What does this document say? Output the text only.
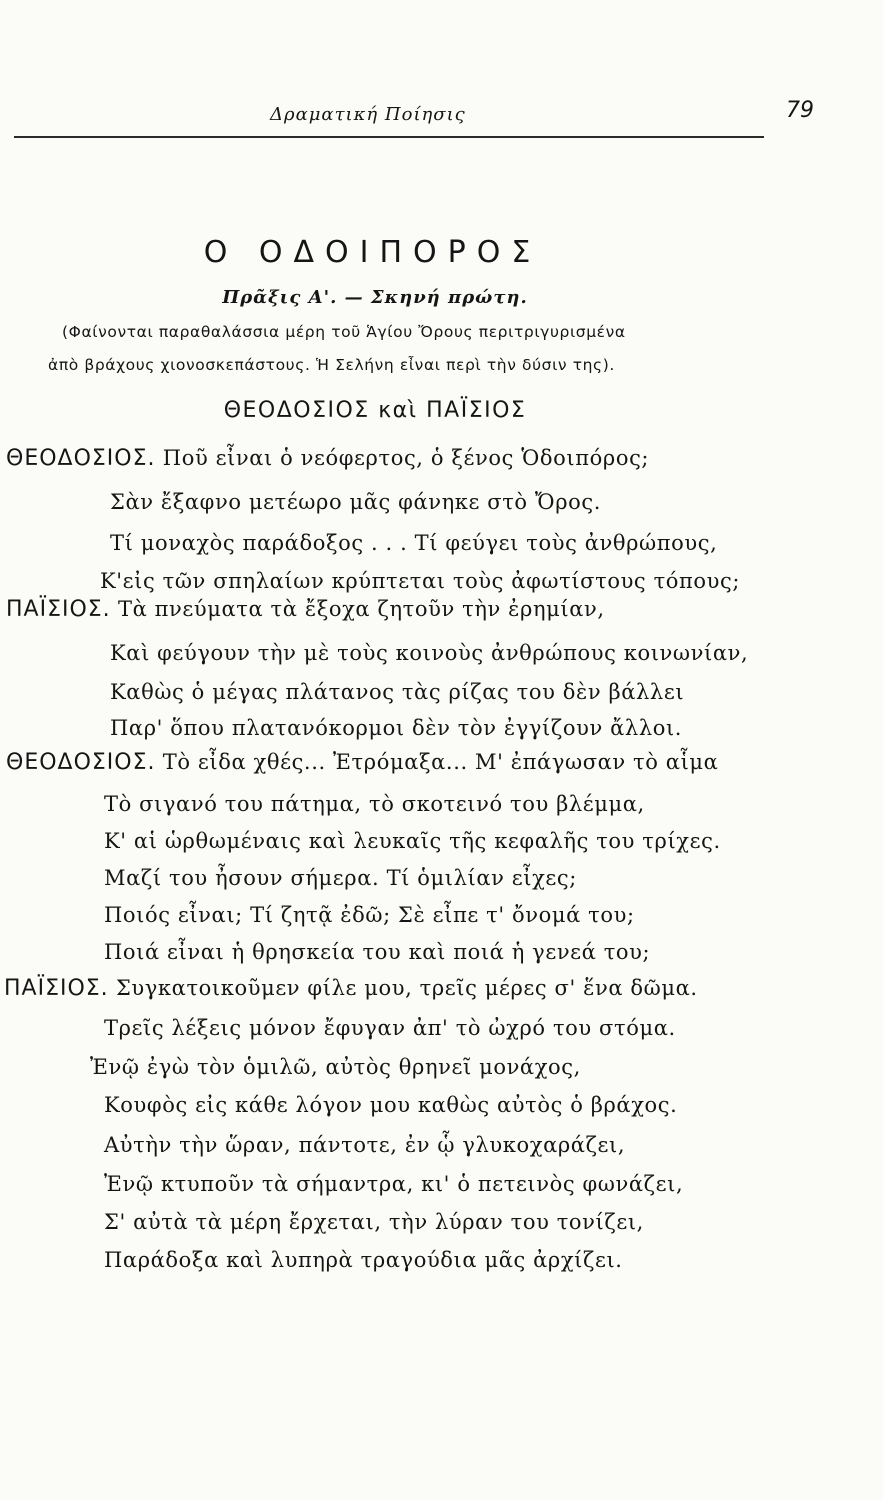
Δραματική Ποίησις	79
Ο ΟΔΟΙΠΟΡΟΣ
Πρᾶξις Α'. — Σκηνή πρώτη.
(Φαίνονται παραθαλάσσια μέρη τοῦ Ἁγίου Ὄρους περιτριγυρισμένα
ἀπὸ βράχους χιονοσκεπάστους. Ἡ Σελήνη εἶναι περὶ τὴν δύσιν της).
ΘΕΟΔΟΣΙΟΣ καὶ ΠΑΪΣΙΟΣ
ΘΕΟΔΟΣΙΟΣ. Ποῦ εἶναι ὁ νεόφερτος, ὁ ξένος Ὁδοιπόρος;
Σὰν ἔξαφνο μετέωρο μᾶς φάνηκε στὸ Ὄρος.
Τί μοναχὸς παράδοξος . . . Τί φεύγει τοὺς ἀνθρώπους,
Κ'εἰς τῶν σπηλαίων κρύπτεται τοὺς ἀφωτίστους τόπους;
ΠΑΪΣΙΟΣ. Τὰ πνεύματα τὰ ἔξοχα ζητοῦν τὴν ἐρημίαν,
Καὶ φεύγουν τὴν μὲ τοὺς κοινοὺς ἀνθρώπους κοινωνίαν,
Καθὼς ὁ μέγας πλάτανος τὰς ρίζας του δὲν βάλλει
Παρ' ὅπου πλατανόκορμοι δὲν τὸν ἐγγίζουν ἄλλοι.
ΘΕΟΔΟΣΙΟΣ. Τὸ εἶδα χθές... Ἐτρόμαξα... Μ' ἐπάγωσαν τὸ αἷμα
Τὸ σιγανό του πάτημα, τὸ σκοτεινό του βλέμμα,
Κ' αἱ ὡρθωμέναις καὶ λευκαῖς τῆς κεφαλῆς του τρίχες.
Μαζί του ἦσουν σήμερα. Τί ὁμιλίαν εἶχες;
Ποιός εἶναι; Τί ζητᾷ ἐδῶ; Σὲ εἶπε τ' ὄνομά του;
Ποιά εἶναι ἡ θρησκεία του καὶ ποιά ἡ γενεά του;
ΠΑΪΣΙΟΣ. Συγκατοικοῦμεν φίλε μου, τρεῖς μέρες σ' ἕνα δῶμα.
Τρεῖς λέξεις μόνον ἔφυγαν ἀπ' τὸ ὠχρό του στόμα.
Ἐνῷ ἐγὼ τὸν ὁμιλῶ, αὐτὸς θρηνεῖ μονάχος,
Κουφὸς εἰς κάθε λόγον μου καθὼς αὐτὸς ὁ βράχος.
Αὐτὴν τὴν ὥραν, πάντοτε, ἐν ᾧ γλυκοχαράζει,
Ἐνῷ κτυποῦν τὰ σήμαντρα, κι' ὁ πετεινὸς φωνάζει,
Σ' αὐτὰ τὰ μέρη ἔρχεται, τὴν λύραν του τονίζει,
Παράδοξα καὶ λυπηρὰ τραγούδια μᾶς ἀρχίζει.
